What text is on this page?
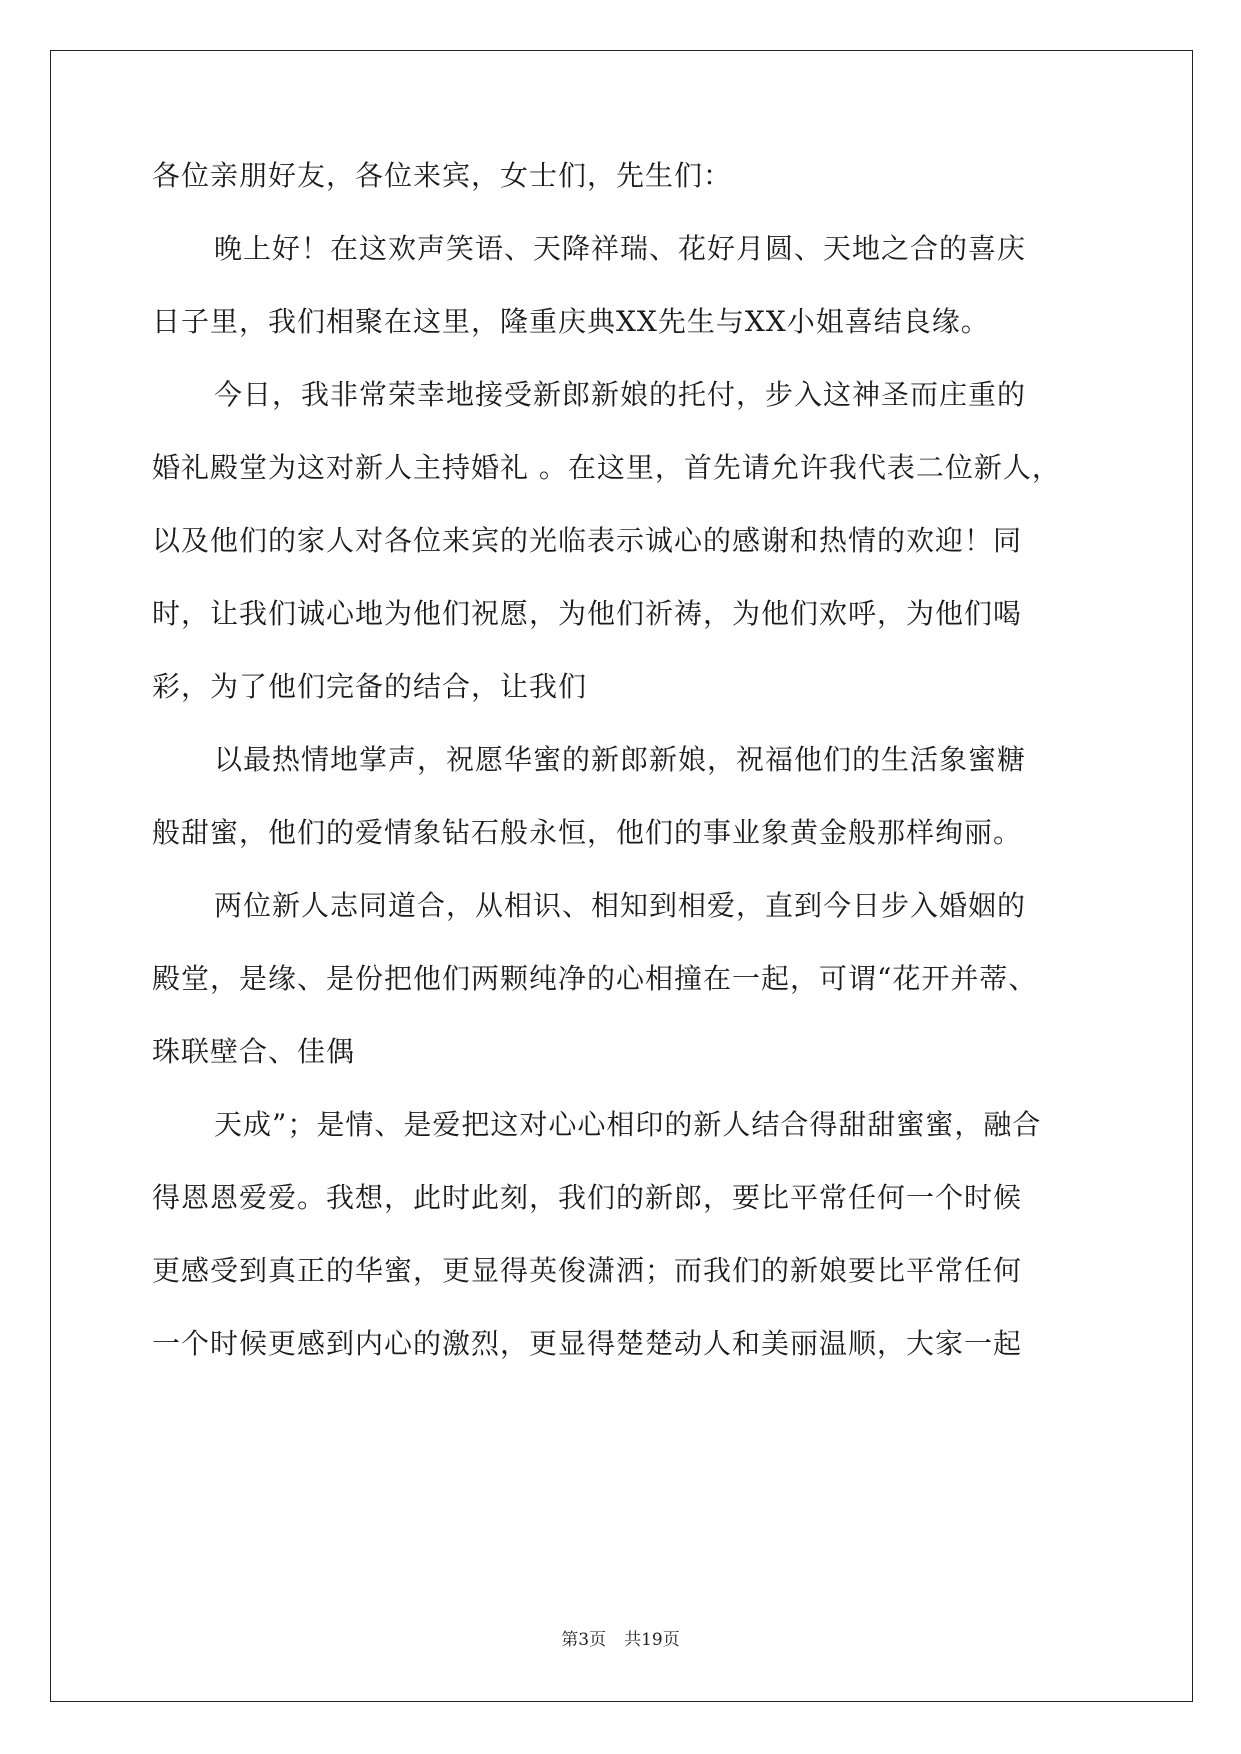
各位亲朋好友，各位来宾，女士们，先生们：
晚上好！在这欢声笑语、天降祥瑞、花好月圆、天地之合的喜庆
日子里，我们相聚在这里，隆重庆典XX先生与XX小姐喜结良缘。
今日，我非常荣幸地接受新郎新娘的托付，步入这神圣而庄重的
婚礼殿堂为这对新人主持婚礼 。在这里，首先请允许我代表二位新人，
以及他们的家人对各位来宾的光临表示诚心的感谢和热情的欢迎！同
时，让我们诚心地为他们祝愿，为他们祈祷，为他们欢呼，为他们喝
彩，为了他们完备的结合，让我们
以最热情地掌声，祝愿华蜜的新郎新娘，祝福他们的生活象蜜糖
般甜蜜，他们的爱情象钻石般永恒，他们的事业象黄金般那样绚丽。
两位新人志同道合，从相识、相知到相爱，直到今日步入婚姻的
殿堂，是缘、是份把他们两颗纯净的心相撞在一起，可谓“花开并蒂、
珠联壁合、佳偶
天成”；是情、是爱把这对心心相印的新人结合得甜甜蜜蜜，融合
得恩恩爱爱。我想，此时此刻，我们的新郎，要比平常任何一个时候
更感受到真正的华蜜，更显得英俊潇洒；而我们的新娘要比平常任何
一个时候更感到内心的激烈，更显得楚楚动人和美丽温顺，大家一起
第3页 共19页
